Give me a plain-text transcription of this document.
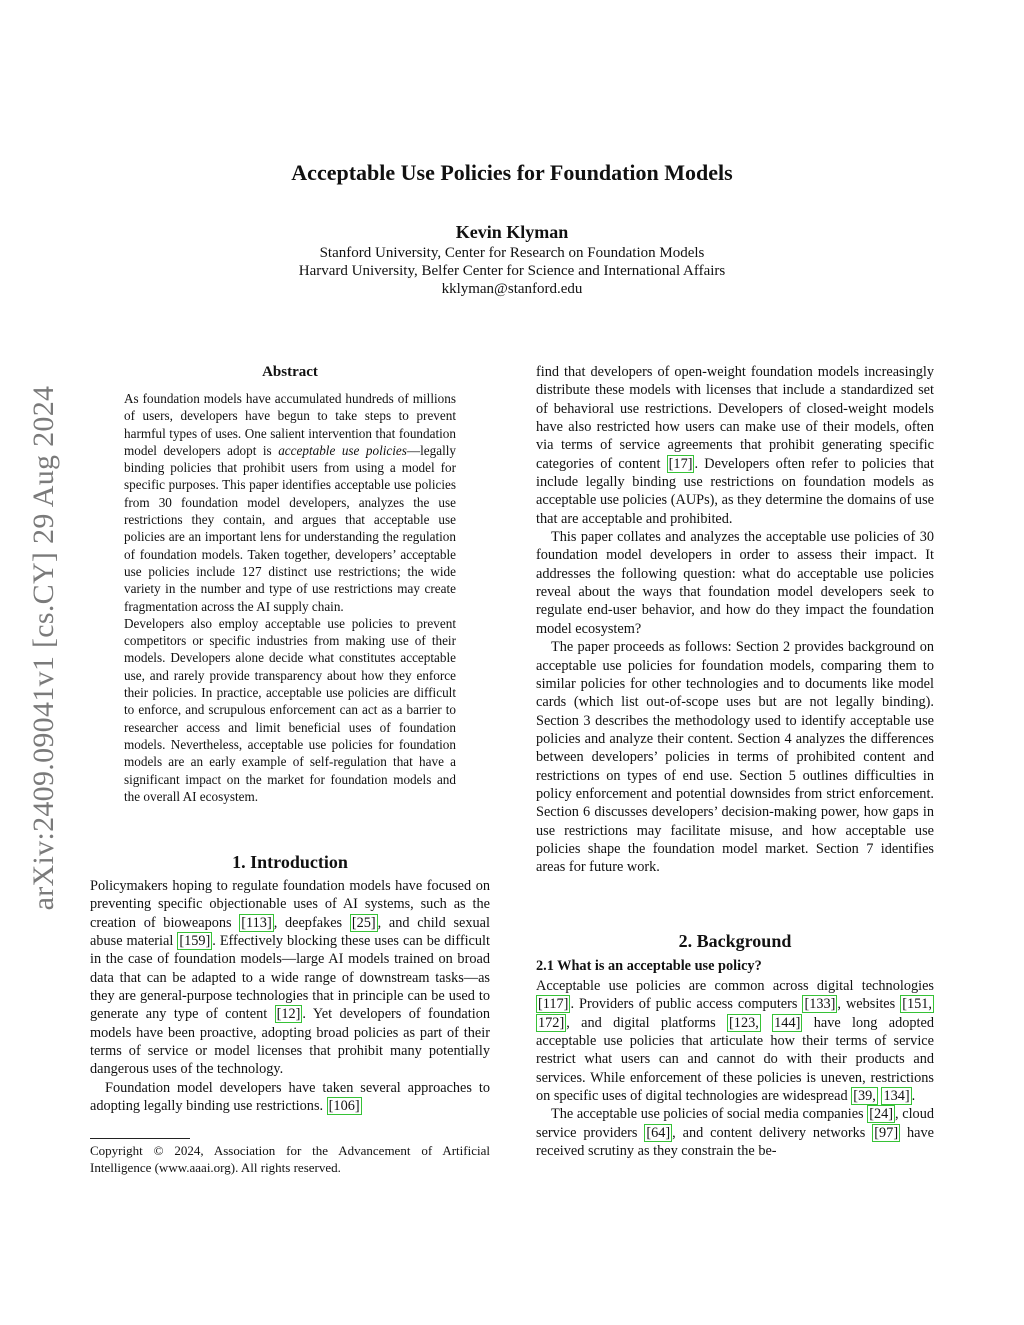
Acceptable Use Policies for Foundation Models
Kevin Klyman
Stanford University, Center for Research on Foundation Models
Harvard University, Belfer Center for Science and International Affairs
kklyman@stanford.edu
arXiv:2409.09041v1 [cs.CY] 29 Aug 2024
Abstract
As foundation models have accumulated hundreds of millions of users, developers have begun to take steps to prevent harmful types of uses. One salient intervention that foundation model developers adopt is acceptable use policies—legally binding policies that prohibit users from using a model for specific purposes. This paper identifies acceptable use policies from 30 foundation model developers, analyzes the use restrictions they contain, and argues that acceptable use policies are an important lens for understanding the regulation of foundation models. Taken together, developers’ acceptable use policies include 127 distinct use restrictions; the wide variety in the number and type of use restrictions may create fragmentation across the AI supply chain.
Developers also employ acceptable use policies to prevent competitors or specific industries from making use of their models. Developers alone decide what constitutes acceptable use, and rarely provide transparency about how they enforce their policies. In practice, acceptable use policies are difficult to enforce, and scrupulous enforcement can act as a barrier to researcher access and limit beneficial uses of foundation models. Nevertheless, acceptable use policies for foundation models are an early example of self-regulation that have a significant impact on the market for foundation models and the overall AI ecosystem.
1. Introduction

Policymakers hoping to regulate foundation models have focused on preventing specific objectionable uses of AI systems, such as the creation of bioweapons [113] , deepfakes [25] , and child sexual abuse material [159] . Effectively blocking these uses can be difficult in the case of foundation models—large AI models trained on broad data that can be adapted to a wide range of downstream tasks—as they are general-purpose technologies that in principle can be used to generate any type of content [12] . Yet developers of foundation models have been proactive, adopting broad policies as part of their terms of service or model licenses that prohibit many potentially dangerous uses of the technology.

Foundation model developers have taken several approaches to adopting legally binding use restrictions. [106]

Copyright © 2024, Association for the Advancement of Artificial Intelligence (www.aaai.org). All rights reserved.

find that developers of open-weight foundation models increasingly distribute these models with licenses that include a standardized set of behavioral use restrictions. Developers of closed-weight models have also restricted how users can make use of their models, often via terms of service agreements that prohibit generating specific categories of content [17] . Developers often refer to policies that include legally binding use restrictions on foundation models as acceptable use policies (AUPs), as they determine the domains of use that are acceptable and prohibited.

This paper collates and analyzes the acceptable use policies of 30 foundation model developers in order to assess their impact. It addresses the following question: what do acceptable use policies reveal about the ways that foundation model developers seek to regulate end-user behavior, and how do they impact the foundation model ecosystem?

The paper proceeds as follows: Section 2 provides background on acceptable use policies for foundation models, comparing them to similar policies for other technologies and to documents like model cards (which list out-of-scope uses but are not legally binding). Section 3 describes the methodology used to identify acceptable use policies and analyze their content. Section 4 analyzes the differences between developers’ policies in terms of prohibited content and restrictions on types of end use. Section 5 outlines difficulties in policy enforcement and potential downsides from strict enforcement. Section 6 discusses developers’ decision-making power, how gaps in use restrictions may facilitate misuse, and how acceptable use policies shape the foundation model market. Section 7 identifies areas for future work.

2. Background
2.1 What is an acceptable use policy?

Acceptable use policies are common across digital technologies [117] . Providers of public access computers [133] , websites [151, 172] , and digital platforms [123, 144] have long adopted acceptable use policies that articulate how their terms of service restrict what users can and cannot do with their products and services. While enforcement of these policies is uneven, restrictions on specific uses of digital technologies are widespread [39, 134] .

The acceptable use policies of social media companies [24] , cloud service providers [64] , and content delivery networks [97] have received scrutiny as they constrain the be-
